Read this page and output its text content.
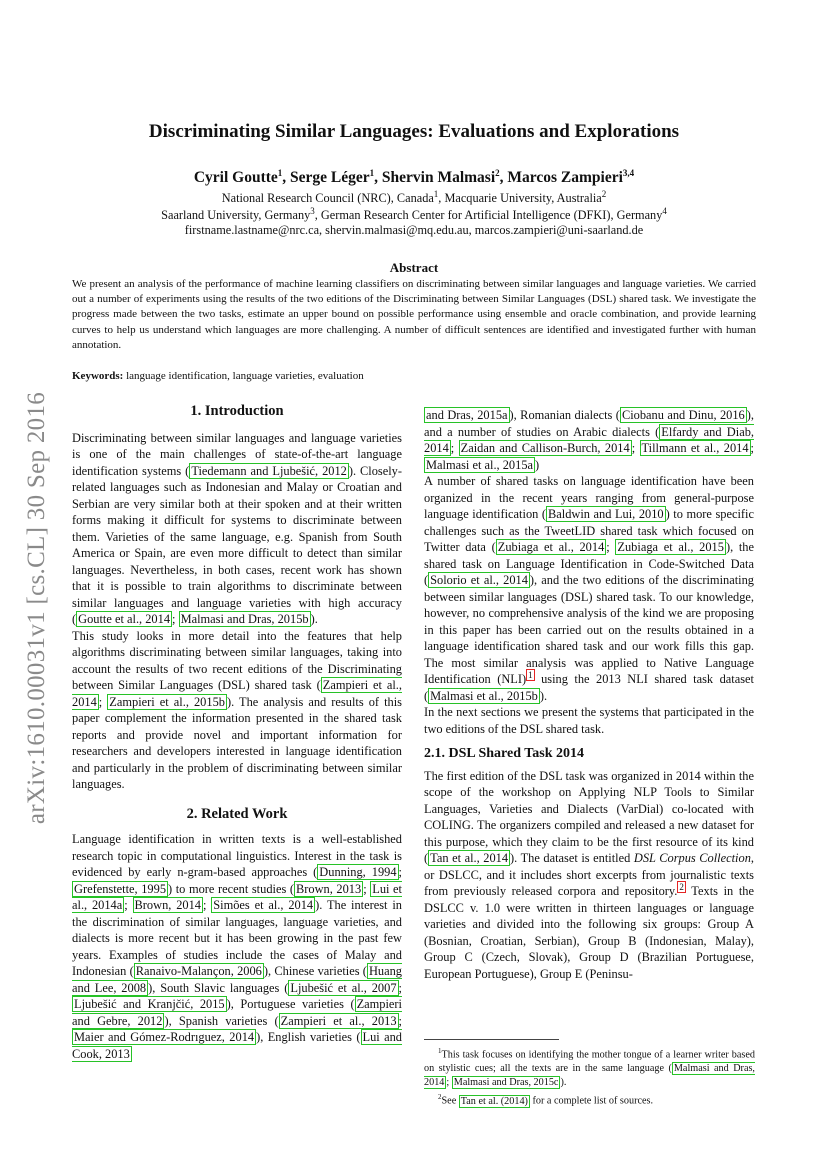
arXiv:1610.00031v1 [cs.CL] 30 Sep 2016
Discriminating Similar Languages: Evaluations and Explorations
Cyril Goutte$^1$, Serge Léger$^1$, Shervin Malmasi$^2$, Marcos Zampieri$^{3,4}$
National Research Council (NRC), Canada$^1$, Macquarie University, Australia$^2$
Saarland University, Germany$^3$, German Research Center for Artificial Intelligence (DFKI), Germany$^4$
firstname.lastname@nrc.ca, shervin.malmasi@mq.edu.au, marcos.zampieri@uni-saarland.de
Abstract
We present an analysis of the performance of machine learning classifiers on discriminating between similar languages and language varieties. We carried out a number of experiments using the results of the two editions of the Discriminating between Similar Languages (DSL) shared task. We investigate the progress made between the two tasks, estimate an upper bound on possible performance using ensemble and oracle combination, and provide learning curves to help us understand which languages are more challenging. A number of difficult sentences are identified and investigated further with human annotation.
Keywords: language identification, language varieties, evaluation

1. Introduction

Discriminating between similar languages and language varieties is one of the main challenges of state-of-the-art language identification systems ( Tiedemann and Ljubešić, 2012 ). Closely-related languages such as Indonesian and Malay or Croatian and Serbian are very similar both at their spoken and at their written forms making it difficult for systems to discriminate between them. Varieties of the same language, e.g. Spanish from South America or Spain, are even more difficult to detect than similar languages. Nevertheless, in both cases, recent work has shown that it is possible to train algorithms to discriminate between similar languages and language varieties with high accuracy ( Goutte et al., 2014 ; Malmasi and Dras, 2015b ).

This study looks in more detail into the features that help algorithms discriminating between similar languages, taking into account the results of two recent editions of the Discriminating between Similar Languages (DSL) shared task ( Zampieri et al., 2014 ; Zampieri et al., 2015b ). The analysis and results of this paper complement the information presented in the shared task reports and provide novel and important information for researchers and developers interested in language identification and particularly in the problem of discriminating between similar languages.

2. Related Work

Language identification in written texts is a well-established research topic in computational linguistics. Interest in the task is evidenced by early n-gram-based approaches ( Dunning, 1994 ; Grefenstette, 1995 ) to more recent studies ( Brown, 2013 ; Lui et al., 2014a ; Brown, 2014 ; Simões et al., 2014 ). The interest in the discrimination of similar languages, language varieties, and dialects is more recent but it has been growing in the past few years. Examples of studies include the cases of Malay and Indonesian ( Ranaivo-Malançon, 2006 ), Chinese varieties ( Huang and Lee, 2008 ), South Slavic languages ( Ljubešić et al., 2007 ; Ljubešić and Kranjčić, 2015 ), Portuguese varieties ( Zampieri and Gebre, 2012 ), Spanish varieties ( Zampieri et al., 2013 ; Maier and Gómez-Rodrıguez, 2014 ), English varieties ( Lui and Cook, 2013

and Dras, 2015a ), Romanian dialects ( Ciobanu and Dinu, 2016 ), and a number of studies on Arabic dialects ( Elfardy and Diab, 2014 ; Zaidan and Callison-Burch, 2014 ; Tillmann et al., 2014 ; Malmasi et al., 2015a )

A number of shared tasks on language identification have been organized in the recent years ranging from general-purpose language identification ( Baldwin and Lui, 2010 ) to more specific challenges such as the TweetLID shared task which focused on Twitter data ( Zubiaga et al., 2014 ; Zubiaga et al., 2015 ), the shared task on Language Identification in Code-Switched Data ( Solorio et al., 2014 ), and the two editions of the discriminating between similar languages (DSL) shared task. To our knowledge, however, no comprehensive analysis of the kind we are proposing in this paper has been carried out on the results obtained in a language identification shared task and our work fills this gap. The most similar analysis was applied to Native Language Identification (NLI) $^1$ using the 2013 NLI shared task dataset ( Malmasi et al., 2015b ).

In the next sections we present the systems that participated in the two editions of the DSL shared task.

2.1. DSL Shared Task 2014

The first edition of the DSL task was organized in 2014 within the scope of the workshop on Applying NLP Tools to Similar Languages, Varieties and Dialects (VarDial) co-located with COLING. The organizers compiled and released a new dataset for this purpose, which they claim to be the first resource of its kind ( Tan et al., 2014 ). The dataset is entitled DSL Corpus Collection, or DSLCC, and it includes short excerpts from journalistic texts from previously released corpora and repository. $^2$ Texts in the DSLCC v. 1.0 were written in thirteen languages or language varieties and divided into the following six groups: Group A (Bosnian, Croatian, Serbian), Group B (Indonesian, Malay), Group C (Czech, Slovak), Group D (Brazilian Portuguese, European Portuguese), Group E (Peninsu-

$^1$This task focuses on identifying the mother tongue of a learner writer based on stylistic cues; all the texts are in the same language ( Malmasi and Dras, 2014 ; Malmasi and Dras, 2015c ).

$^2$See Tan et al. (2014) for a complete list of sources.
